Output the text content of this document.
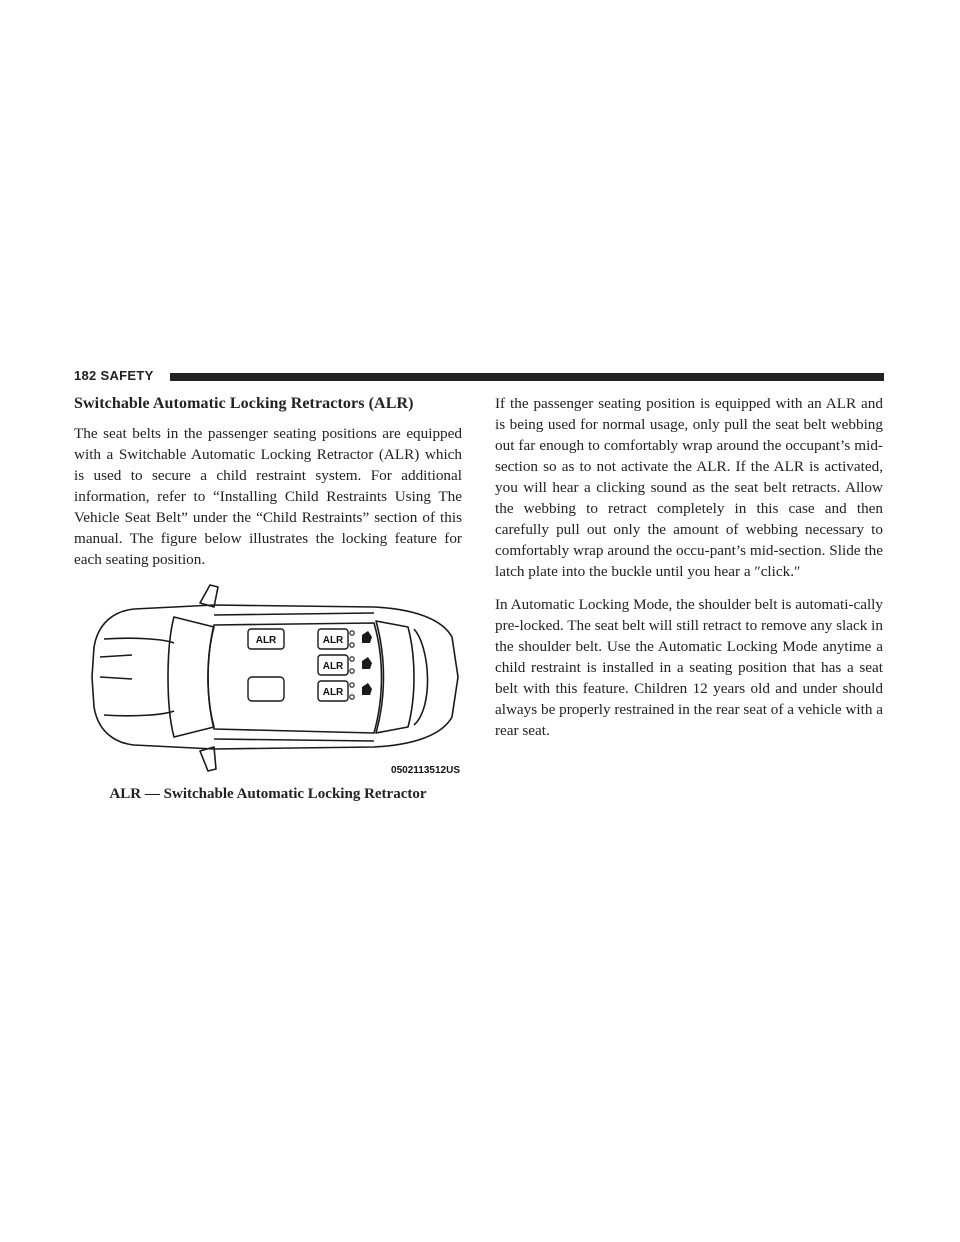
182 SAFETY
Switchable Automatic Locking Retractors (ALR)

The seat belts in the passenger seating positions are equipped with a Switchable Automatic Locking Retractor (ALR) which is used to secure a child restraint system. For additional information, refer to “Installing Child Restraints Using The Vehicle Seat Belt” under the “Child Restraints” section of this manual. The figure below illustrates the locking feature for each seating position.

ALR	ALR
ALR
ALR
0502113512US
ALR — Switchable Automatic Locking Retractor

If the passenger seating position is equipped with an ALR and is being used for normal usage, only pull the seat belt webbing out far enough to comfortably wrap around the occupant’s mid-section so as to not activate the ALR. If the ALR is activated, you will hear a clicking sound as the seat belt retracts. Allow the webbing to retract completely in this case and then carefully pull out only the amount of webbing necessary to comfortably wrap around the occu-pant’s mid-section. Slide the latch plate into the buckle until you hear a ″click.″

In Automatic Locking Mode, the shoulder belt is automati-cally pre-locked. The seat belt will still retract to remove any slack in the shoulder belt. Use the Automatic Locking Mode anytime a child restraint is installed in a seating position that has a seat belt with this feature. Children 12 years old and under should always be properly restrained in the rear seat of a vehicle with a rear seat.
